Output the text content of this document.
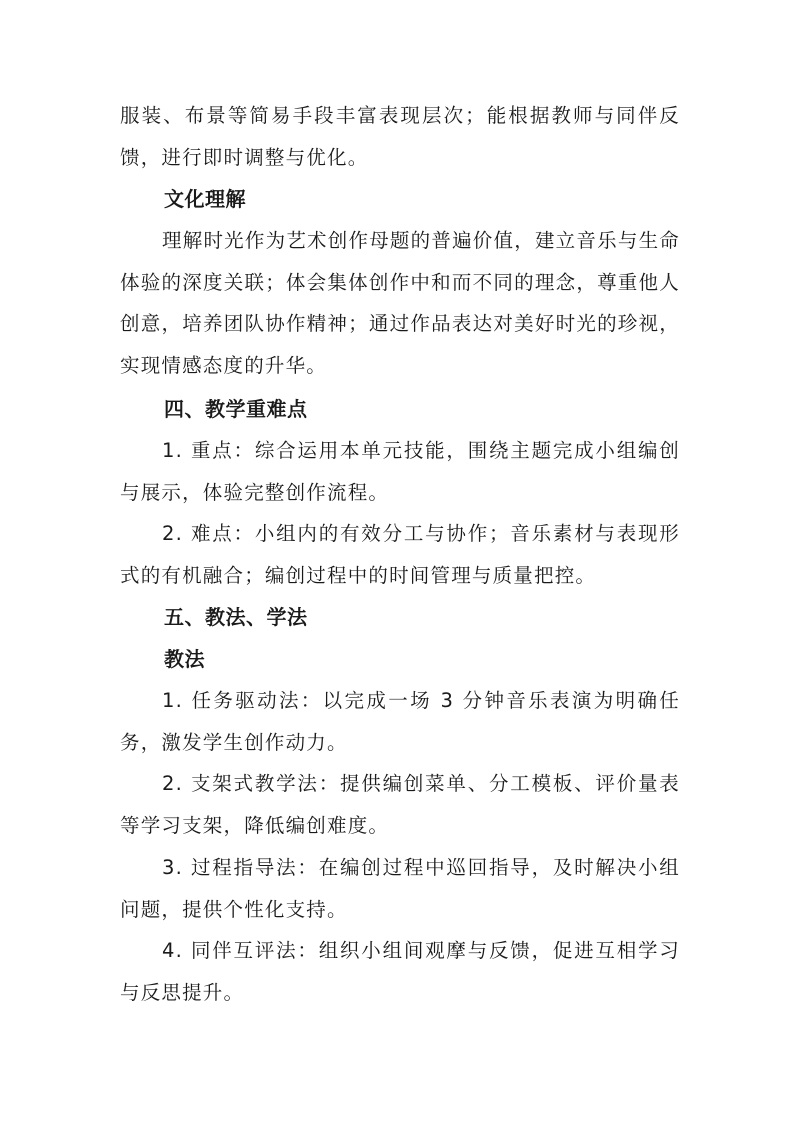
服装、布景等简易手段丰富表现层次；能根据教师与同伴反馈，进行即时调整与优化。

文化理解

理解时光作为艺术创作母题的普遍价值，建立音乐与生命体验的深度关联；体会集体创作中和而不同的理念，尊重他人创意，培养团队协作精神；通过作品表达对美好时光的珍视，实现情感态度的升华。

四、教学重难点

1. 重点：综合运用本单元技能，围绕主题完成小组编创与展示，体验完整创作流程。

2. 难点：小组内的有效分工与协作；音乐素材与表现形式的有机融合；编创过程中的时间管理与质量把控。

五、教法、学法
教法

1. 任务驱动法：以完成一场 3 分钟音乐表演为明确任务，激发学生创作动力。

2. 支架式教学法：提供编创菜单、分工模板、评价量表等学习支架，降低编创难度。

3. 过程指导法：在编创过程中巡回指导，及时解决小组问题，提供个性化支持。

4. 同伴互评法：组织小组间观摩与反馈，促进互相学习与反思提升。
